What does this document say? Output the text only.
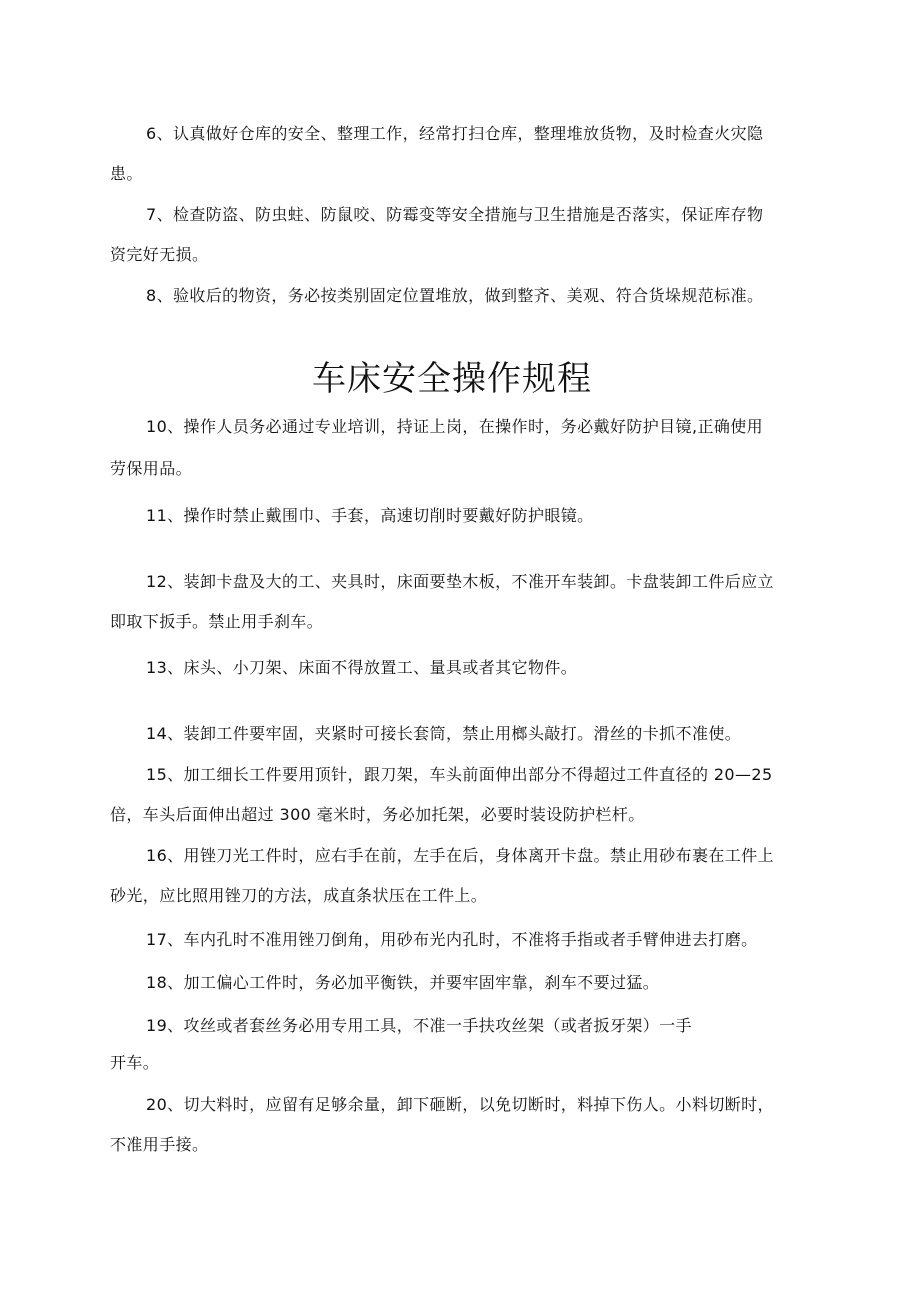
6、认真做好仓库的安全、整理工作，经常打扫仓库，整理堆放货物，及时检查火灾隐

患。

7、检查防盗、防虫蛀、防鼠咬、防霉变等安全措施与卫生措施是否落实，保证库存物

资完好无损。

8、验收后的物资，务必按类别固定位置堆放，做到整齐、美观、符合货垛规范标准。

车床安全操作规程

10、操作人员务必通过专业培训，持证上岗，在操作时，务必戴好防护目镜,正确使用

劳保用品。

11、操作时禁止戴围巾、手套，高速切削时要戴好防护眼镜。

12、装卸卡盘及大的工、夹具时，床面要垫木板，不准开车装卸。卡盘装卸工件后应立

即取下扳手。禁止用手刹车。

13、床头、小刀架、床面不得放置工、量具或者其它物件。

14、装卸工件要牢固，夹紧时可接长套筒，禁止用榔头敲打。滑丝的卡抓不准使。

15、加工细长工件要用顶针，跟刀架，车头前面伸出部分不得超过工件直径的 20—25

倍，车头后面伸出超过 300 毫米时，务必加托架，必要时装设防护栏杆。

16、用锉刀光工件时，应右手在前，左手在后，身体离开卡盘。禁止用砂布裹在工件上

砂光，应比照用锉刀的方法，成直条状压在工件上。

17、车内孔时不准用锉刀倒角，用砂布光内孔时，不准将手指或者手臂伸进去打磨。

18、加工偏心工件时，务必加平衡铁，并要牢固牢靠，刹车不要过猛。

19、攻丝或者套丝务必用专用工具，不准一手扶攻丝架（或者扳牙架）一手

开车。

20、切大料时，应留有足够余量，卸下砸断，以免切断时，料掉下伤人。小料切断时，

不准用手接。
